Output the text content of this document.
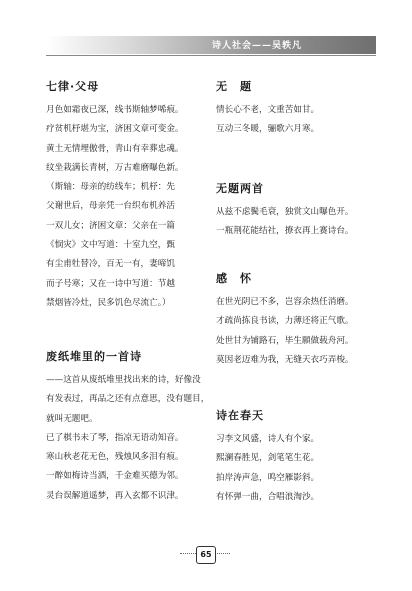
诗人社会——吴轶凡
七律·父母

月色如霜夜已深，线书斯轴梦唏痕。

疗贫机杼堪为宝，济困文章可变金。

黄土无情埋傲骨，青山有幸葬忠魂。

纹坐栽满长青树，万古难磨曝色新。

（斯轴：母亲的纺线车；机杼：先

父谢世后，母亲凭一台织布机养活

一双儿女；济困文章：父亲在一篇

《悯灾》文中写道：十室九空，甄

有尘甫牡替冷，百无一有，妻啼饥

而子号寒；又在一诗中写道：节越

禁烟皆冷灶，民多饥色尽流亡。）

废纸堆里的一首诗

——这首从废纸堆里找出来的诗，好像没

有发表过，再品之还有点意思，没有题目，

就叫无题吧。

已了棋书未了琴，指凉无语动知音。

寒山秋老花无色，残烛风多泪有痕。

一醉如梅诗当酒，千金难买德为邻。

灵台误解道遥梦，再入玄都不识津。

无　题

情长心不老，文重苦如甘。

互动三冬暖，骊歌六月寒。

无题两首

从兹不虑鬓毛衰，独赏文山曝色开。

一瓶荆花能结社，撩衣再上赛诗台。

感　怀

在世光阴已不多，岂容余热任消磨。

才疏尚拣良书读，力薄还将正气歌。

处世甘为铺路石，毕生願做载舟河。

莫因老迈难为我，无缝天衣巧弄梭。

诗在春天

习李文风盛，诗人有个家。

熙澜春胜见，剑笔笔生花。

拍岸涛声急，鸣空雁影斜。

有怀弹一曲，合唱浪淘沙。

65
